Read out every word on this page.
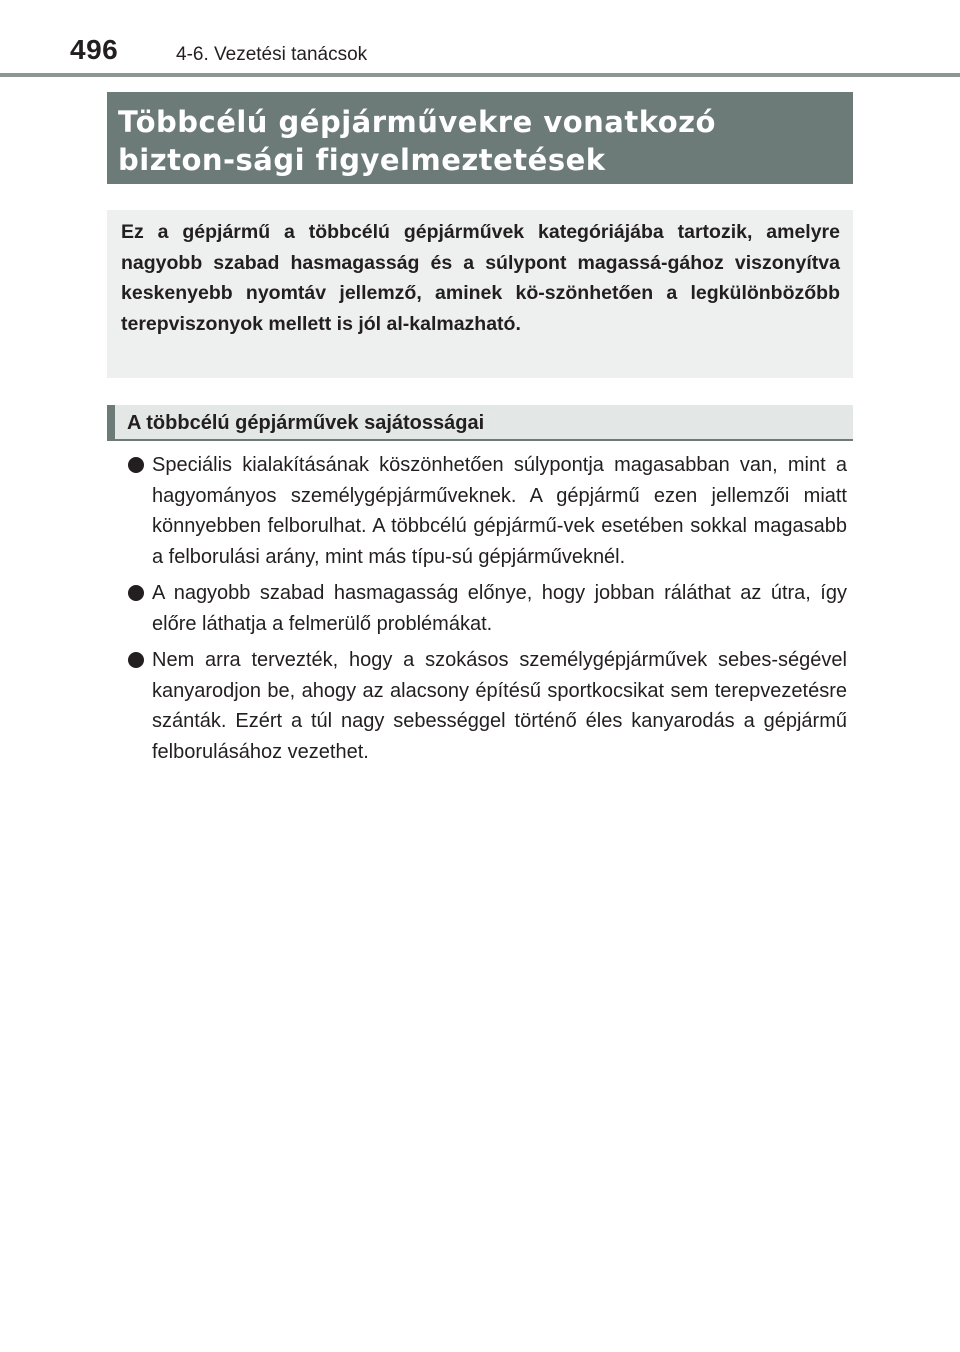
496	4-6. Vezetési tanácsok
Többcélú gépjárművekre vonatkozó bizton-sági figyelmeztetések

Ez a gépjármű a többcélú gépjárművek kategóriájába tartozik, amelyre nagyobb szabad hasmagasság és a súlypont magassá-gához viszonyítva keskenyebb nyomtáv jellemző, aminek kö-szönhetően a legkülönbözőbb terepviszonyok mellett is jól al-kalmazható.

A többcélú gépjárművek sajátosságai
Speciális kialakításának köszönhetően súlypontja magasabban van, mint a hagyományos személygépjárműveknek. A gépjármű ezen jellemzői miatt könnyebben felborulhat. A többcélú gépjármű-vek esetében sokkal magasabb a felborulási arány, mint más típu-sú gépjárműveknél.
A nagyobb szabad hasmagasság előnye, hogy jobban ráláthat az útra, így előre láthatja a felmerülő problémákat.
Nem arra tervezték, hogy a szokásos személygépjárművek sebes-ségével kanyarodjon be, ahogy az alacsony építésű sportkocsikat sem terepvezetésre szánták. Ezért a túl nagy sebességgel történő éles kanyarodás a gépjármű felborulásához vezethet.
